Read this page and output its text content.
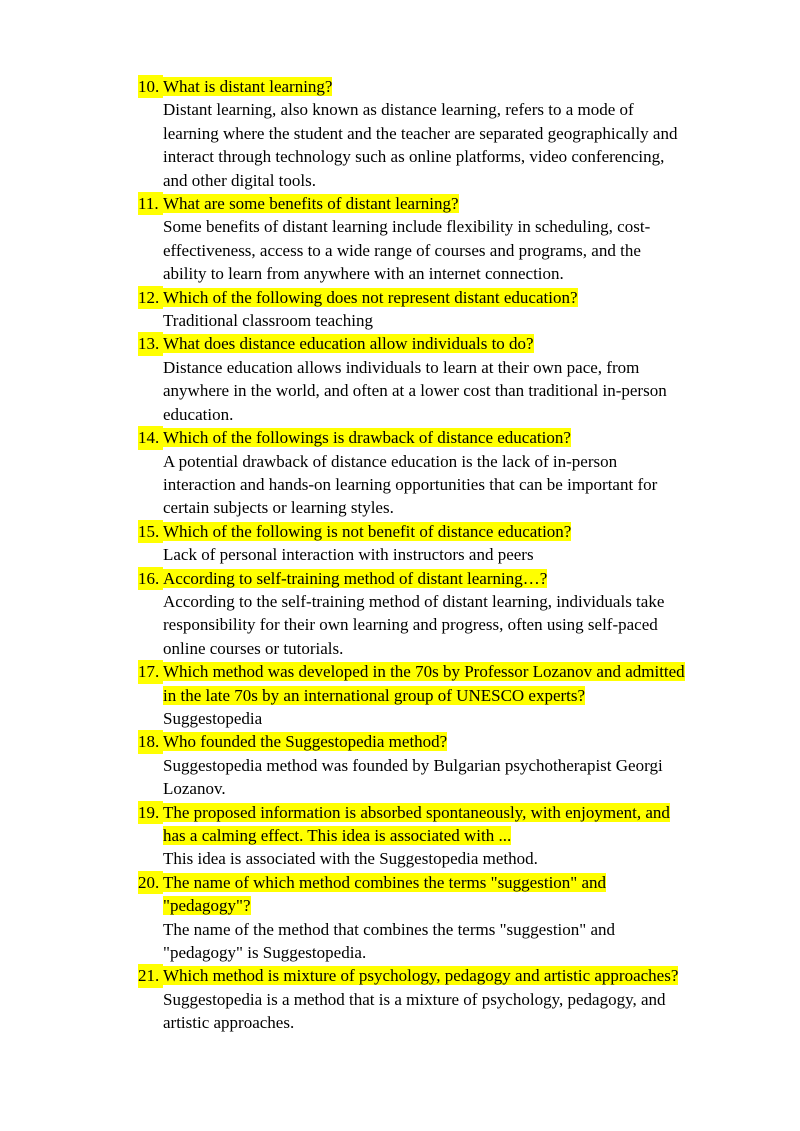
10. What is distant learning?
Distant learning, also known as distance learning, refers to a mode of
learning where the student and the teacher are separated geographically and
interact through technology such as online platforms, video conferencing,
and other digital tools.
11. What are some benefits of distant learning?
Some benefits of distant learning include flexibility in scheduling, cost-
effectiveness, access to a wide range of courses and programs, and the
ability to learn from anywhere with an internet connection.
12. Which of the following does not represent distant education?
Traditional classroom teaching
13. What does distance education allow individuals to do?
Distance education allows individuals to learn at their own pace, from
anywhere in the world, and often at a lower cost than traditional in-person
education.
14. Which of the followings is drawback of distance education?
A potential drawback of distance education is the lack of in-person
interaction and hands-on learning opportunities that can be important for
certain subjects or learning styles.
15. Which of the following is not benefit of distance education?
Lack of personal interaction with instructors and peers
16. According to self-training method of distant learning…?
According to the self-training method of distant learning, individuals take
responsibility for their own learning and progress, often using self-paced
online courses or tutorials.
17. Which method was developed in the 70s by Professor Lozanov and admitted
in the late 70s by an international group of UNESCO experts?
Suggestopedia
18. Who founded the Suggestopedia method?
Suggestopedia method was founded by Bulgarian psychotherapist Georgi
Lozanov.
19. The proposed information is absorbed spontaneously, with enjoyment, and
has a calming effect. This idea is associated with ...
This idea is associated with the Suggestopedia method.
20. The name of which method combines the terms "suggestion" and
"pedagogy"?
The name of the method that combines the terms "suggestion" and
"pedagogy" is Suggestopedia.
21. Which method is mixture of psychology, pedagogy and artistic approaches?
Suggestopedia is a method that is a mixture of psychology, pedagogy, and
artistic approaches.
